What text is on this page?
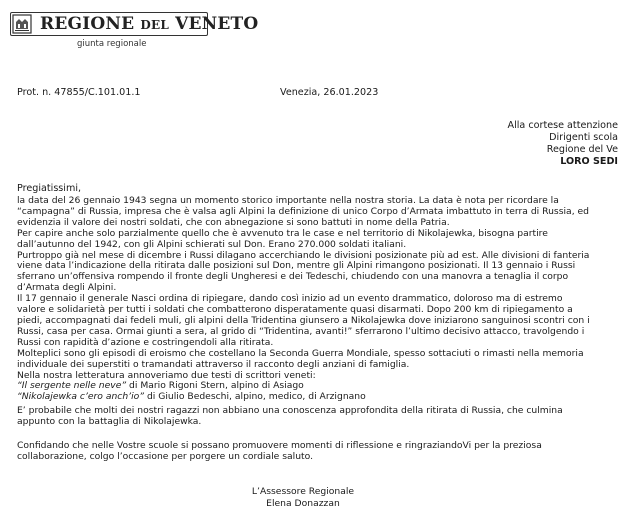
REGIONE DEL VENETO
giunta regionale
Prot. n. 47855/C.101.01.1	Venezia, 26.01.2023
Alla cortese attenzione
Dirigenti scola
Regione del Ve
LORO SEDI
Pregiatissimi,

la data del 26 gennaio 1943 segna un momento storico importante nella nostra storia. La data è nota per ricordare la

“campagna” di Russia, impresa che è valsa agli Alpini la definizione di unico Corpo d’Armata imbattuto in terra di Russia, ed

evidenzia il valore dei nostri soldati, che con abnegazione si sono battuti in nome della Patria.

Per capire anche solo parzialmente quello che è avvenuto tra le case e nel territorio di Nikolajewka, bisogna partire

dall’autunno del 1942, con gli Alpini schierati sul Don. Erano 270.000 soldati italiani.

Purtroppo già nel mese di dicembre i Russi dilagano accerchiando le divisioni posizionate più ad est. Alle divisioni di fanteria

viene data l’indicazione della ritirata dalle posizioni sul Don, mentre gli Alpini rimangono posizionati. Il 13 gennaio i Russi

sferrano un’offensiva rompendo il fronte degli Ungheresi e dei Tedeschi, chiudendo con una manovra a tenaglia il corpo

d’Armata degli Alpini.

Il 17 gennaio il generale Nasci ordina di ripiegare, dando così inizio ad un evento drammatico, doloroso ma di estremo

valore e solidarietà per tutti i soldati che combatterono disperatamente quasi disarmati. Dopo 200 km di ripiegamento a

piedi, accompagnati dai fedeli muli, gli alpini della Tridentina giunsero a Nikolajewka dove iniziarono sanguinosi scontri con i

Russi, casa per casa. Ormai giunti a sera, al grido di “Tridentina, avanti!” sferrarono l’ultimo decisivo attacco, travolgendo i

Russi con rapidità d’azione e costringendoli alla ritirata.

Molteplici sono gli episodi di eroismo che costellano la Seconda Guerra Mondiale, spesso sottaciuti o rimasti nella memoria

individuale dei superstiti o tramandati attraverso il racconto degli anziani di famiglia.

Nella nostra letteratura annoveriamo due testi di scrittori veneti:

“Il sergente nelle neve” di Mario Rigoni Stern, alpino di Asiago

“Nikolajewka c’ero anch’io” di Giulio Bedeschi, alpino, medico, di Arzignano

E’ probabile che molti dei nostri ragazzi non abbiano una conoscenza approfondita della ritirata di Russia, che culmina

appunto con la battaglia di Nikolajewka.

Confidando che nelle Vostre scuole si possano promuovere momenti di riflessione e ringraziandoVi per la preziosa

collaborazione, colgo l’occasione per porgere un cordiale saluto.

L’Assessore Regionale
Elena Donazzan
